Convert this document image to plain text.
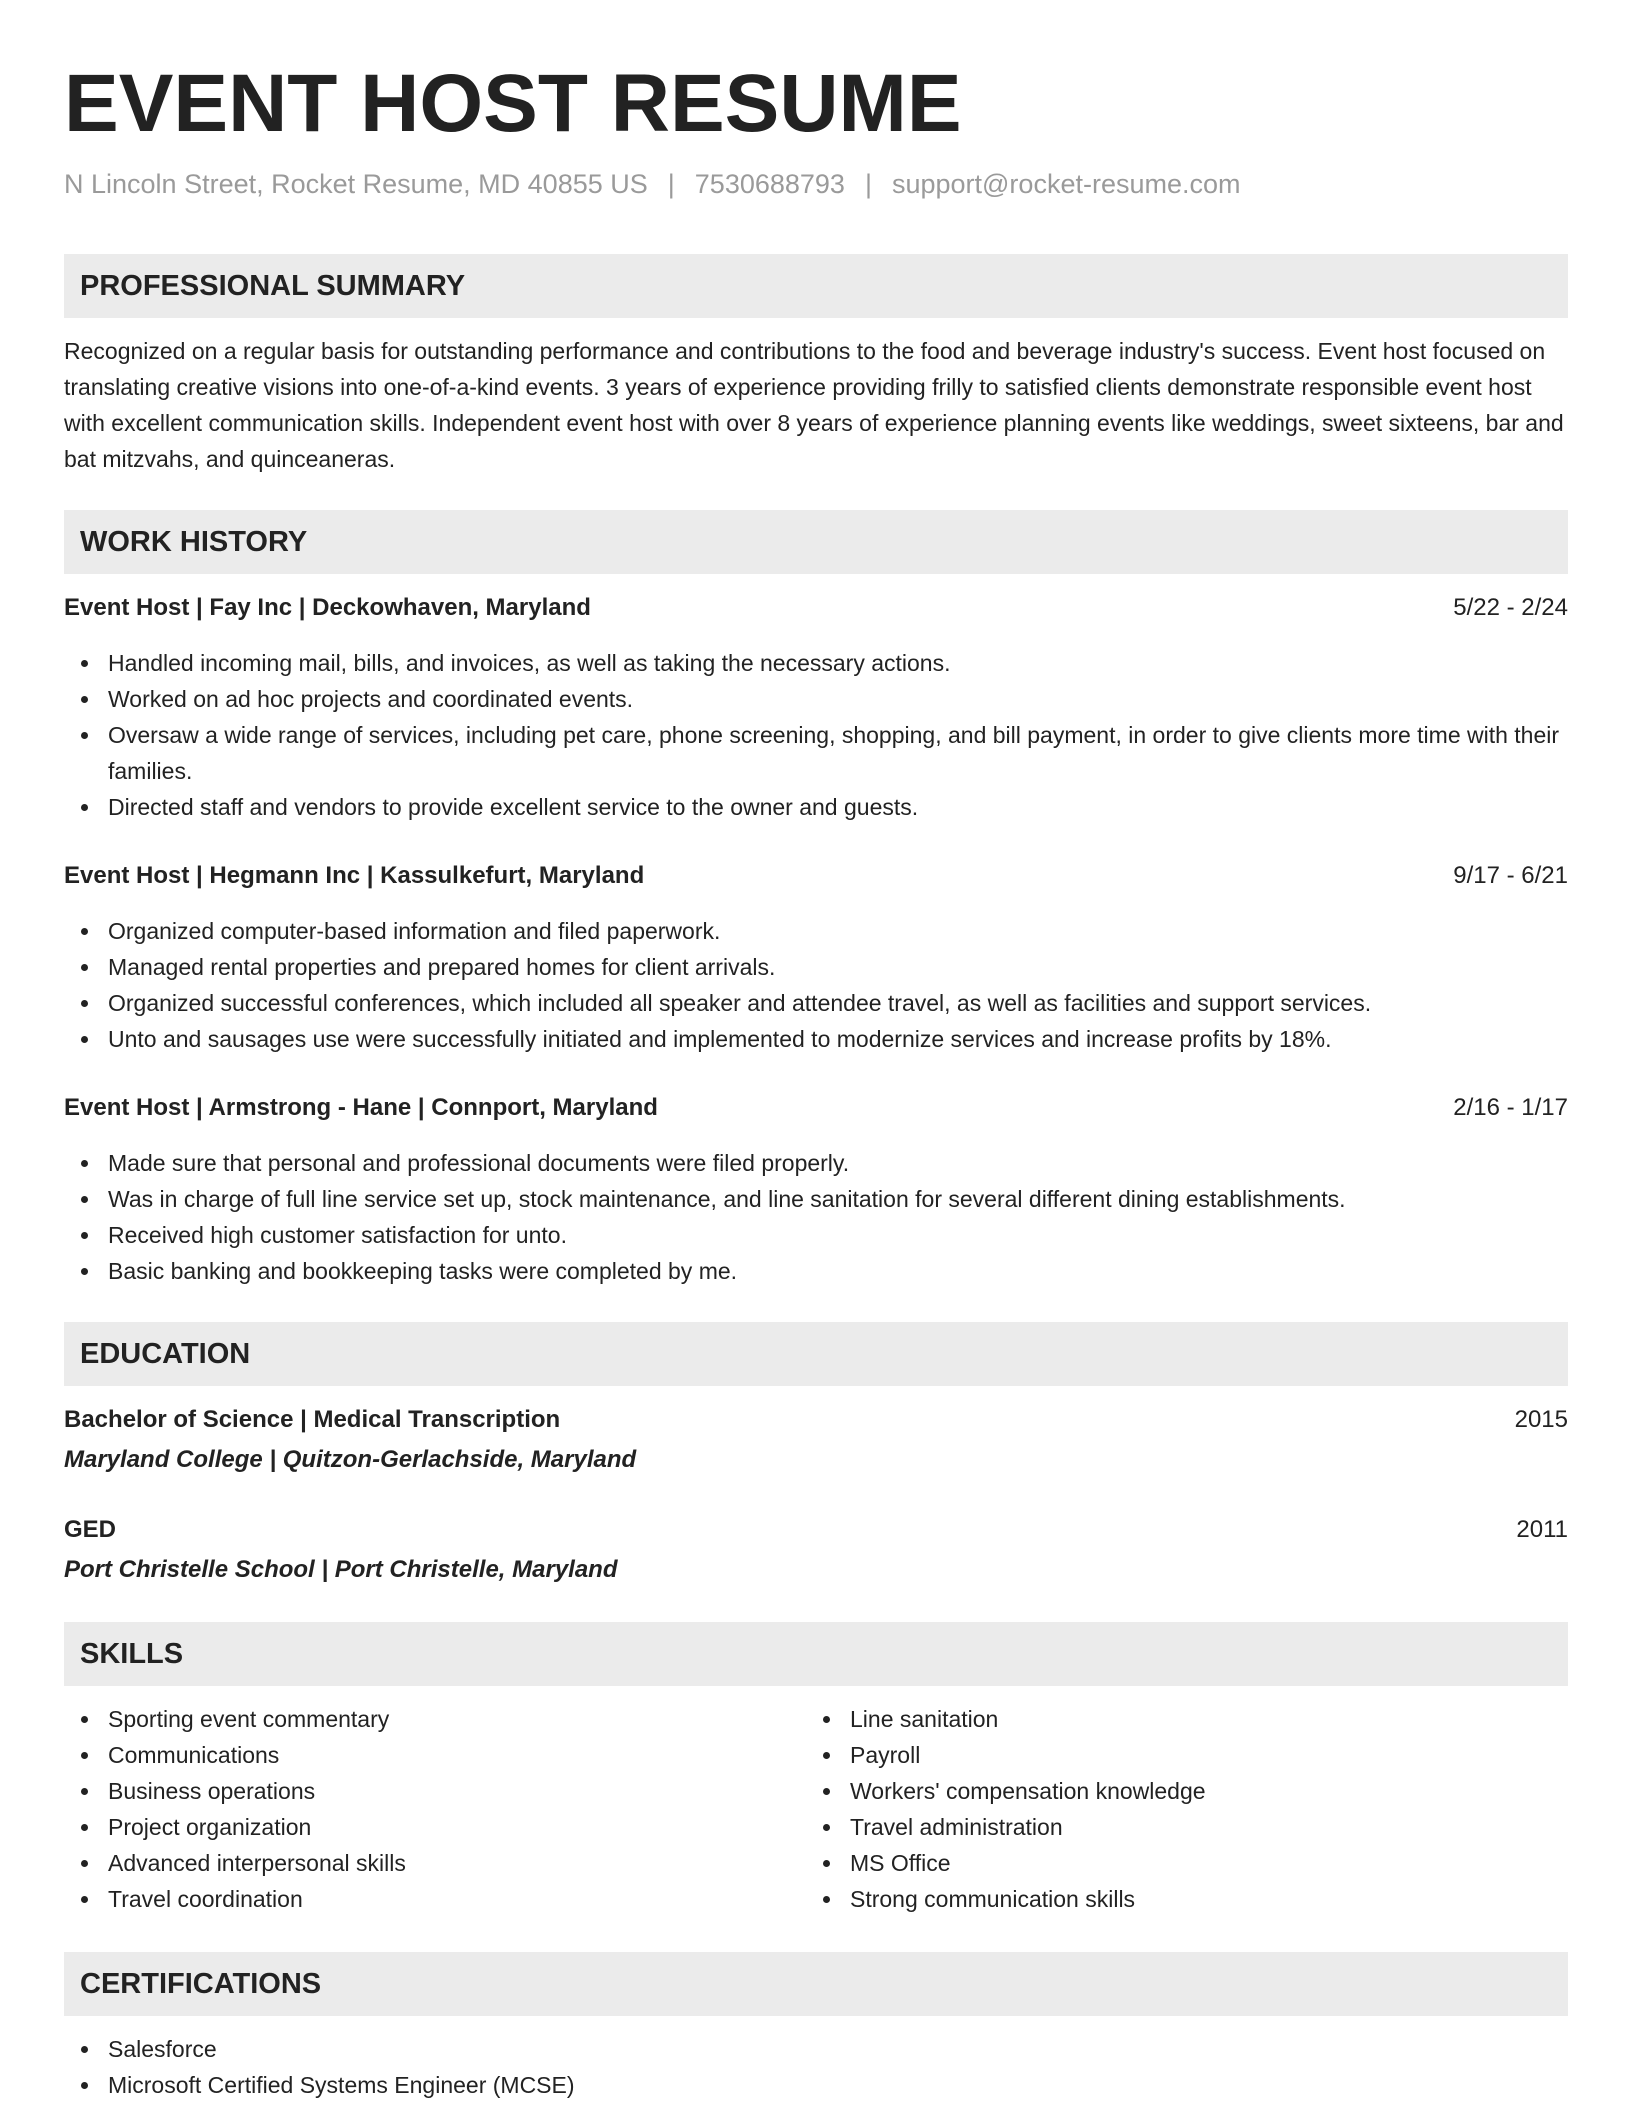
EVENT HOST RESUME
N Lincoln Street, Rocket Resume, MD 40855 US | 7530688793 | support@rocket-resume.com
PROFESSIONAL SUMMARY

Recognized on a regular basis for outstanding performance and contributions to the food and beverage industry's success. Event host focused on translating creative visions into one-of-a-kind events. 3 years of experience providing frilly to satisfied clients demonstrate responsible event host with excellent communication skills. Independent event host with over 8 years of experience planning events like weddings, sweet sixteens, bar and bat mitzvahs, and quinceaneras.

WORK HISTORY
Event Host | Fay Inc | Deckowhaven, Maryland	5/22 - 2/24
Handled incoming mail, bills, and invoices, as well as taking the necessary actions.
Worked on ad hoc projects and coordinated events.
Oversaw a wide range of services, including pet care, phone screening, shopping, and bill payment, in order to give clients more time with their families.
Directed staff and vendors to provide excellent service to the owner and guests.
Event Host | Hegmann Inc | Kassulkefurt, Maryland	9/17 - 6/21
Organized computer-based information and filed paperwork.
Managed rental properties and prepared homes for client arrivals.
Organized successful conferences, which included all speaker and attendee travel, as well as facilities and support services.
Unto and sausages use were successfully initiated and implemented to modernize services and increase profits by 18%.
Event Host | Armstrong - Hane | Connport, Maryland	2/16 - 1/17
Made sure that personal and professional documents were filed properly.
Was in charge of full line service set up, stock maintenance, and line sanitation for several different dining establishments.
Received high customer satisfaction for unto.
Basic banking and bookkeeping tasks were completed by me.
EDUCATION
Bachelor of Science | Medical Transcription	2015
Maryland College | Quitzon-Gerlachside, Maryland
GED	2011
Port Christelle School | Port Christelle, Maryland
SKILLS
Sporting event commentary
Communications
Business operations
Project organization
Advanced interpersonal skills
Travel coordination
Line sanitation
Payroll
Workers' compensation knowledge
Travel administration
MS Office
Strong communication skills
CERTIFICATIONS
Salesforce
Microsoft Certified Systems Engineer (MCSE)
